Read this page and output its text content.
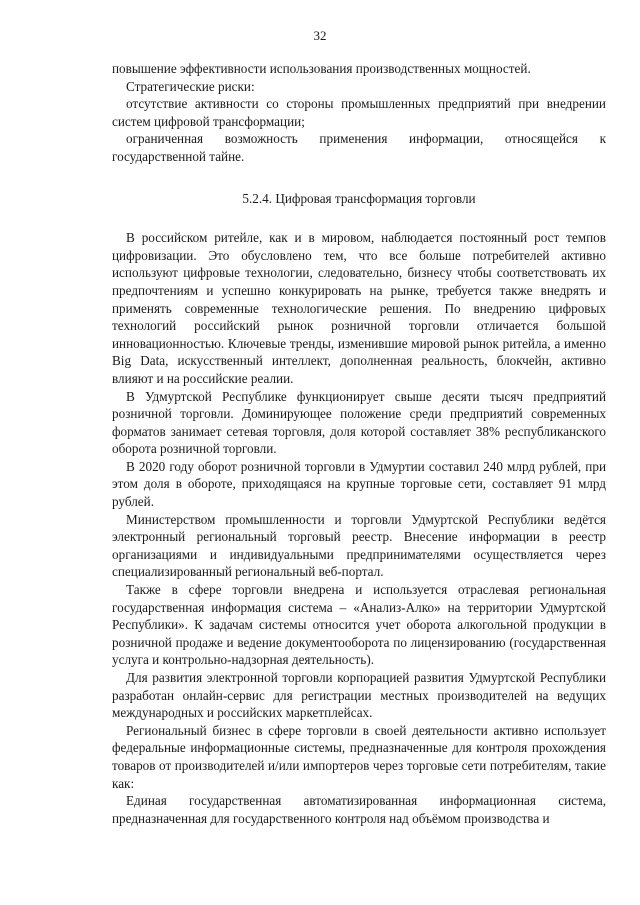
32

повышение эффективности использования производственных мощностей.

Стратегические риски:

отсутствие активности со стороны промышленных предприятий при внедрении систем цифровой трансформации;

ограниченная возможность применения информации, относящейся к государственной тайне.

5.2.4. Цифровая трансформация торговли

В российском ритейле, как и в мировом, наблюдается постоянный рост темпов цифровизации. Это обусловлено тем, что все больше потребителей активно используют цифровые технологии, следовательно, бизнесу чтобы соответствовать их предпочтениям и успешно конкурировать на рынке, требуется также внедрять и применять современные технологические решения. По внедрению цифровых технологий российский рынок розничной торговли отличается большой инновационностью. Ключевые тренды, изменившие мировой рынок ритейла, а именно Big Data, искусственный интеллект, дополненная реальность, блокчейн, активно влияют и на российские реалии.

В Удмуртской Республике функционирует свыше десяти тысяч предприятий розничной торговли. Доминирующее положение среди предприятий современных форматов занимает сетевая торговля, доля которой составляет 38% республиканского оборота розничной торговли.

В 2020 году оборот розничной торговли в Удмуртии составил 240 млрд рублей, при этом доля в обороте, приходящаяся на крупные торговые сети, составляет 91 млрд рублей.

Министерством промышленности и торговли Удмуртской Республики ведётся электронный региональный торговый реестр. Внесение информации в реестр организациями и индивидуальными предпринимателями осуществляется через специализированный региональный веб-портал.

Также в сфере торговли внедрена и используется отраслевая региональная государственная информация система – «Анализ-Алко» на территории Удмуртской Республики». К задачам системы относится учет оборота алкогольной продукции в розничной продаже и ведение документооборота по лицензированию (государственная услуга и контрольно-надзорная деятельность).

Для развития электронной торговли корпорацией развития Удмуртской Республики разработан онлайн-сервис для регистрации местных производителей на ведущих международных и российских маркетплейсах.

Региональный бизнес в сфере торговли в своей деятельности активно использует федеральные информационные системы, предназначенные для контроля прохождения товаров от производителей и/или импортеров через торговые сети потребителям, такие как:

Единая государственная автоматизированная информационная система, предназначенная для государственного контроля над объёмом производства и
